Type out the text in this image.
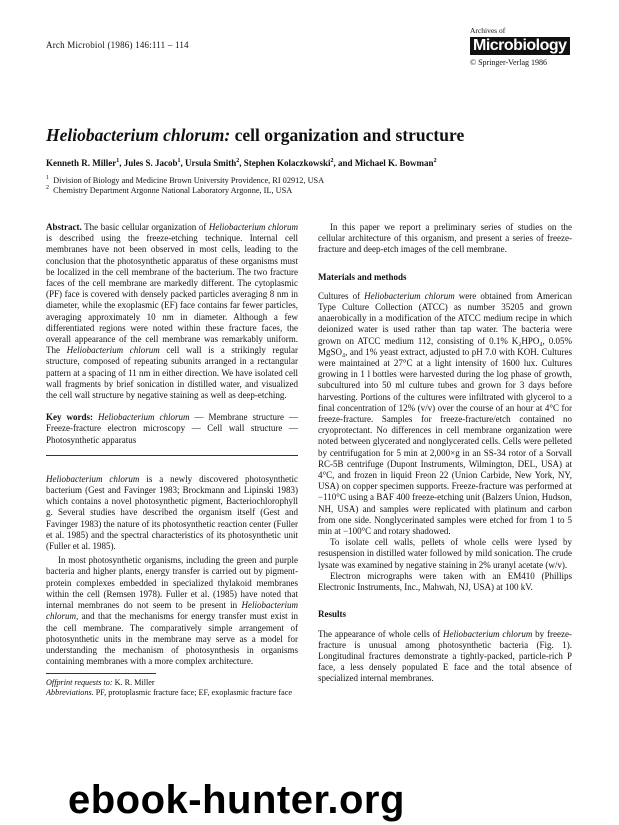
Arch Microbiol (1986) 146:111 – 114
Archives of
Microbiology
© Springer-Verlag 1986
Heliobacterium chlorum: cell organization and structure
Kenneth R. Miller$^1$, Jules S. Jacob$^1$, Ursula Smith$^2$, Stephen Kolaczkowski$^2$, and Michael K. Bowman$^2$
$^1$ Division of Biology and Medicine Brown University Providence, RI 02912, USA
$^2$ Chemistry Department Argonne National Laboratory Argonne, IL, USA

Abstract. The basic cellular organization of Heliobacterium chlorum is described using the freeze-etching technique. Internal cell membranes have not been observed in most cells, leading to the conclusion that the photosynthetic apparatus of these organisms must be localized in the cell membrane of the bacterium. The two fracture faces of the cell membrane are markedly different. The cytoplasmic (PF) face is covered with densely packed particles averaging 8 nm in diameter, while the exoplasmic (EF) face contains far fewer particles, averaging approximately 10 nm in diameter. Although a few differentiated regions were noted within these fracture faces, the overall appearance of the cell membrane was remarkably uniform. The Heliobacterium chlorum cell wall is a strikingly regular structure, composed of repeating subunits arranged in a rectangular pattern at a spacing of 11 nm in either direction. We have isolated cell wall fragments by brief sonication in distilled water, and visualized the cell wall structure by negative staining as well as deep-etching.

Key words: Heliobacterium chlorum — Membrane structure — Freeze-fracture electron microscopy — Cell wall structure — Photosynthetic apparatus

Heliobacterium chlorum is a newly discovered photosynthetic bacterium (Gest and Favinger 1983; Brockmann and Lipinski 1983) which contains a novel photosynthetic pigment, Bacteriochlorophyll g. Several studies have described the organism itself (Gest and Favinger 1983) the nature of its photosynthetic reaction center (Fuller et al. 1985) and the spectral characteristics of its photosynthetic unit (Fuller et al. 1985).

In most photosynthetic organisms, including the green and purple bacteria and higher plants, energy transfer is carried out by pigment-protein complexes embedded in specialized thylakoid membranes within the cell (Remsen 1978). Fuller et al. (1985) have noted that internal membranes do not seem to be present in Heliobacterium chlorum, and that the mechanisms for energy transfer must exist in the cell membrane. The comparatively simple arrangement of photosynthetic units in the membrane may serve as a model for understanding the mechanism of photosynthesis in organisms containing membranes with a more complex architecture.

Offprint requests to: K. R. Miller
Abbreviations. PF, protoplasmic fracture face; EF, exoplasmic fracture face

In this paper we report a preliminary series of studies on the cellular architecture of this organism, and present a series of freeze-fracture and deep-etch images of the cell membrane.

Materials and methods

Cultures of Heliobacterium chlorum were obtained from American Type Culture Collection (ATCC) as number 35205 and grown anaerobically in a modification of the ATCC medium recipe in which deionized water is used rather than tap water. The bacteria were grown on ATCC medium 112, consisting of 0.1% K₂HPO₄, 0.05% MgSO₄, and 1% yeast extract, adjusted to pH 7.0 with KOH. Cultures were maintained at 27°C at a light intensity of 1600 lux. Cultures growing in 1 l bottles were harvested during the log phase of growth, subcultured into 50 ml culture tubes and grown for 3 days before harvesting. Portions of the cultures were infiltrated with glycerol to a final concentration of 12% (v/v) over the course of an hour at 4°C for freeze-fracture. Samples for freeze-fracture/etch contained no cryoprotectant. No differences in cell membrane organization were noted between glycerated and nonglycerated cells. Cells were pelleted by centrifugation for 5 min at 2,000×g in an SS-34 rotor of a Sorvall RC-5B centrifuge (Dupont Instruments, Wilmington, DEL, USA) at 4°C, and frozen in liquid Freon 22 (Union Carbide, New York, NY, USA) on copper specimen supports. Freeze-fracture was performed at −110°C using a BAF 400 freeze-etching unit (Balzers Union, Hudson, NH, USA) and samples were replicated with platinum and carbon from one side. Nonglycerinated samples were etched for from 1 to 5 min at −100°C and rotary shadowed.

To isolate cell walls, pellets of whole cells were lysed by resuspension in distilled water followed by mild sonication. The crude lysate was examined by negative staining in 2% uranyl acetate (w/v).

Electron micrographs were taken with an EM410 (Phillips Electronic Instruments, Inc., Mahwah, NJ, USA) at 100 kV.

Results

The appearance of whole cells of Heliobacterium chlorum by freeze-fracture is unusual among photosynthetic bacteria (Fig. 1). Longitudinal fractures demonstrate a tightly-packed, particle-rich P face, a less densely populated E face and the total absence of specialized internal membranes.

ebook-hunter.org
